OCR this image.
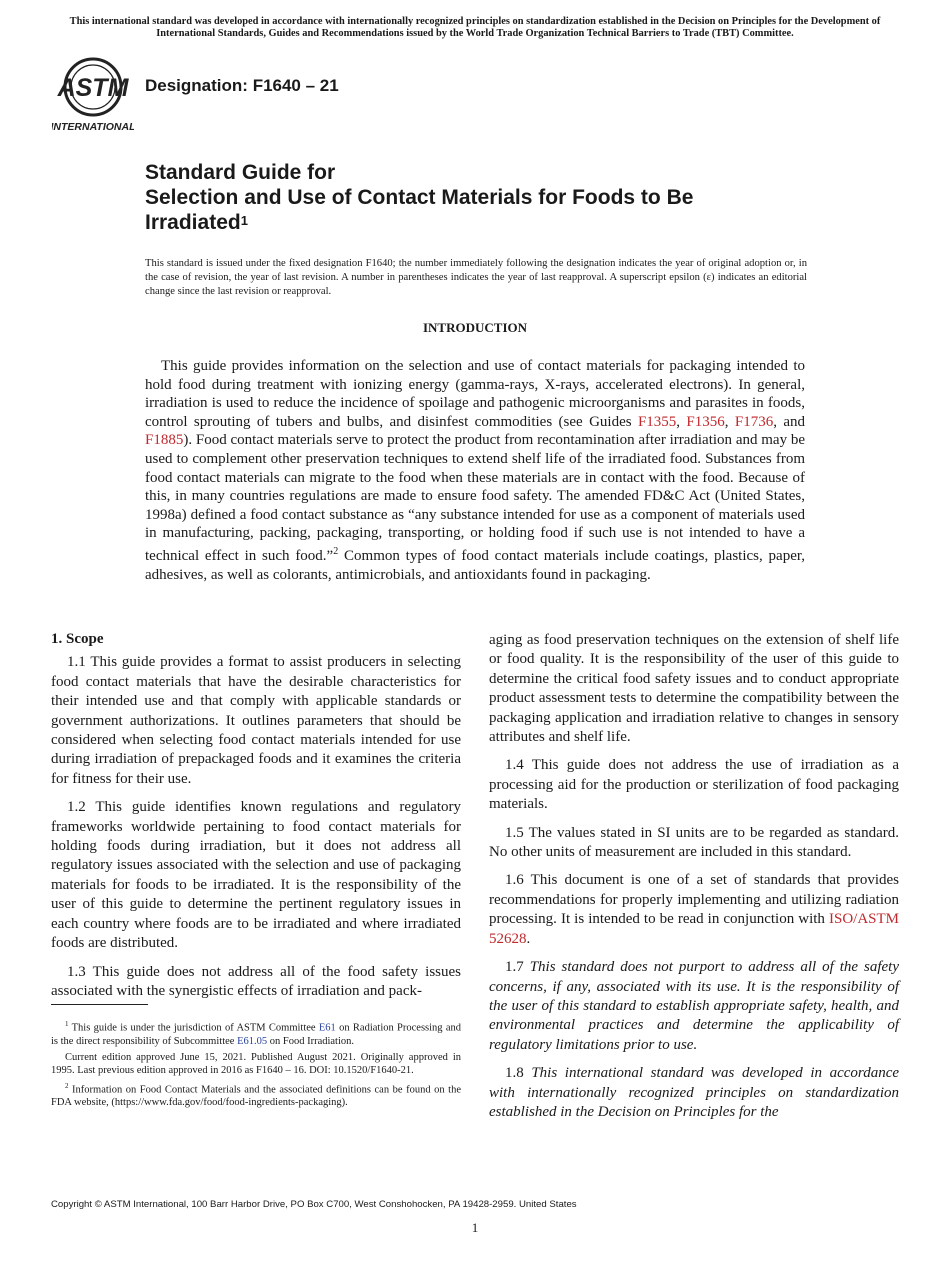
This international standard was developed in accordance with internationally recognized principles on standardization established in the Decision on Principles for the Development of International Standards, Guides and Recommendations issued by the World Trade Organization Technical Barriers to Trade (TBT) Committee.
ASTM
INTERNATIONAL
Designation: F1640 – 21
Standard Guide for
Selection and Use of Contact Materials for Foods to Be
Irradiated$^1$
This standard is issued under the fixed designation F1640; the number immediately following the designation indicates the year of original adoption or, in the case of revision, the year of last revision. A number in parentheses indicates the year of last reapproval. A superscript epsilon (ε) indicates an editorial change since the last revision or reapproval.
INTRODUCTION

This guide provides information on the selection and use of contact materials for packaging intended to hold food during treatment with ionizing energy (gamma-rays, X-rays, accelerated electrons). In general, irradiation is used to reduce the incidence of spoilage and pathogenic microorganisms and parasites in foods, control sprouting of tubers and bulbs, and disinfest commodities (see Guides F1355, F1356, F1736, and F1885). Food contact materials serve to protect the product from recontamination after irradiation and may be used to complement other preservation techniques to extend shelf life of the irradiated food. Substances from food contact materials can migrate to the food when these materials are in contact with the food. Because of this, in many countries regulations are made to ensure food safety. The amended FD&C Act (United States, 1998a) defined a food contact substance as “any substance intended for use as a component of materials used in manufacturing, packing, packaging, transporting, or holding food if such use is not intended to have a technical effect in such food.”$^2$ Common types of food contact materials include coatings, plastics, paper, adhesives, as well as colorants, antimicrobials, and antioxidants found in packaging.

1. Scope

1.1 This guide provides a format to assist producers in selecting food contact materials that have the desirable characteristics for their intended use and that comply with applicable standards or government authorizations. It outlines parameters that should be considered when selecting food contact materials intended for use during irradiation of prepackaged foods and it examines the criteria for fitness for their use.

1.2 This guide identifies known regulations and regulatory frameworks worldwide pertaining to food contact materials for holding foods during irradiation, but it does not address all regulatory issues associated with the selection and use of packaging materials for foods to be irradiated. It is the responsibility of the user of this guide to determine the pertinent regulatory issues in each country where foods are to be irradiated and where irradiated foods are distributed.

1.3 This guide does not address all of the food safety issues associated with the synergistic effects of irradiation and pack-

aging as food preservation techniques on the extension of shelf life or food quality. It is the responsibility of the user of this guide to determine the critical food safety issues and to conduct appropriate product assessment tests to determine the compatibility between the packaging application and irradiation relative to changes in sensory attributes and shelf life.

1.4 This guide does not address the use of irradiation as a processing aid for the production or sterilization of food packaging materials.

1.5 The values stated in SI units are to be regarded as standard. No other units of measurement are included in this standard.

1.6 This document is one of a set of standards that provides recommendations for properly implementing and utilizing radiation processing. It is intended to be read in conjunction with ISO/ASTM 52628.

1.7 This standard does not purport to address all of the safety concerns, if any, associated with its use. It is the responsibility of the user of this standard to establish appropriate safety, health, and environmental practices and determine the applicability of regulatory limitations prior to use.

1.8 This international standard was developed in accordance with internationally recognized principles on standardization established in the Decision on Principles for the

$^1$ This guide is under the jurisdiction of ASTM Committee E61 on Radiation Processing and is the direct responsibility of Subcommittee E61.05 on Food Irradiation.

Current edition approved June 15, 2021. Published August 2021. Originally approved in 1995. Last previous edition approved in 2016 as F1640 – 16. DOI: 10.1520/F1640-21.

$^2$ Information on Food Contact Materials and the associated definitions can be found on the FDA website, (https://www.fda.gov/food/food-ingredients-packaging).

Copyright © ASTM International, 100 Barr Harbor Drive, PO Box C700, West Conshohocken, PA 19428-2959. United States
1
